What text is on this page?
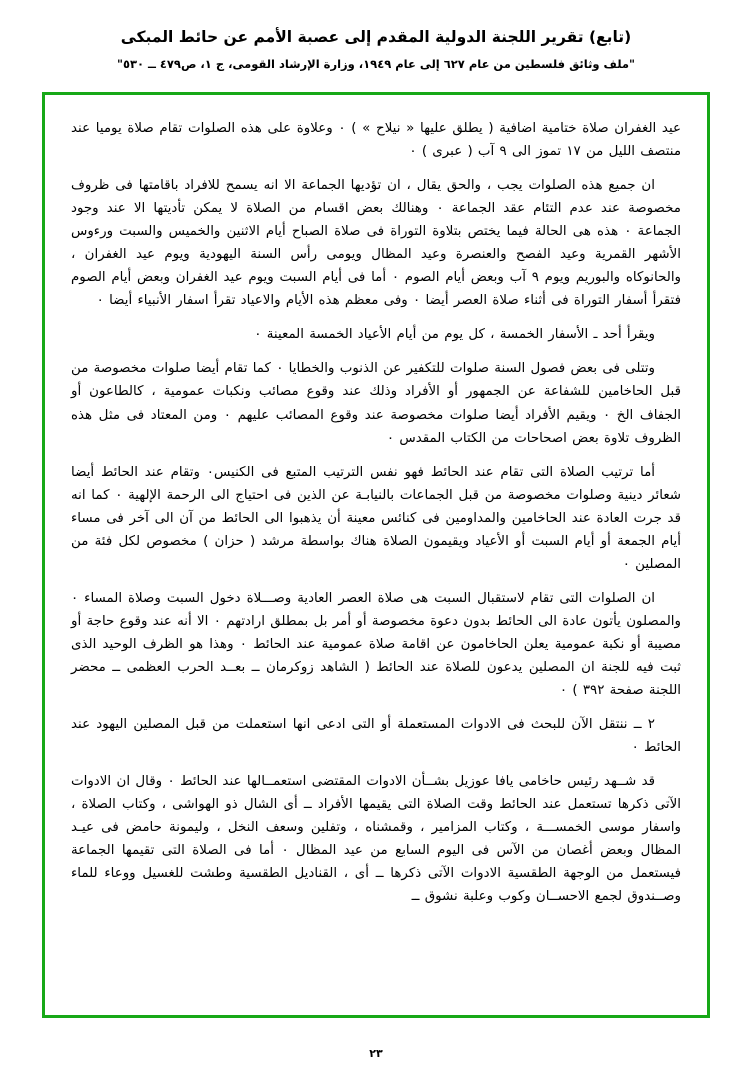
(تابع) تقرير اللجنة الدولية المقدم إلى عصبة الأمم عن حائط المبكى
"ملف وثائق فلسطين من عام ٦٢٧ إلى عام ١٩٤٩، وزارة الإرشاد القومى، ج ١، ص٤٧٩ ــ ٥٣٠"

عيد الغفران صلاة ختامية اضافية ( يطلق عليها « نيلاح » ) ٠ وعلاوة على هذه الصلوات تقام صلاة يوميا عند منتصف الليل من ١٧ تموز الى ٩ آب ( عبرى ) ٠

ان جميع هذه الصلوات يجب ، والحق يقال ، ان تؤديها الجماعة الا انه يسمح للافراد باقامتها فى ظروف مخصوصة عند عدم التئام عقد الجماعة ٠ وهنالك بعض اقسام من الصلاة لا يمكن تأديتها الا عند وجود الجماعة ٠ هذه هى الحالة فيما يختص بتلاوة التوراة فى صلاة الصباح أيام الاثنين والخميس والسبت ورءوس الأشهر القمرية وعيد الفصح والعنصرة وعيد المظال ويومى رأس السنة اليهودية ويوم عيد الغفران ، والحانوكاه والبوريم ويوم ٩ آب وبعض أيام الصوم ٠ أما فى أيام السبت ويوم عيد الغفران وبعض أيام الصوم فتقرأ أسفار التوراة فى أثناء صلاة العصر أيضا ٠ وفى معظم هذه الأيام والاعياد تقرأ اسفار الأنبياء أيضا ٠

ويقرأ أحد ـ الأسفار الخمسة ، كل يوم من أيام الأعياد الخمسة المعينة ٠

وتتلى فى بعض فصول السنة صلوات للتكفير عن الذنوب والخطايا ٠ كما تقام أيضا صلوات مخصوصة من قبل الحاخامين للشفاعة عن الجمهور أو الأفراد وذلك عند وقوع مصائب ونكبات عمومية ، كالطاعون أو الجفاف الخ ٠ ويقيم الأفراد أيضا صلوات مخصوصة عند وقوع المصائب عليهم ٠ ومن المعتاد فى مثل هذه الظروف تلاوة بعض اصحاحات من الكتاب المقدس ٠

أما ترتيب الصلاة التى تقام عند الحائط فهو نفس الترتيب المتبع فى الكنيس٠ وتقام عند الحائط أيضا شعائر دينية وصلوات مخصوصة من قبل الجماعات بالنيابـة عن الذين فى احتياج الى الرحمة الإلهية ٠ كما انه قد جرت العادة عند الحاخامين والمداومين فى كنائس معينة أن يذهبوا الى الحائط من آن الى آخر فى مساء أيام الجمعة أو أيام السبت أو الأعياد ويقيمون الصلاة هناك بواسطة مرشد ( حزان ) مخصوص لكل فئة من المصلين ٠

ان الصلوات التى تقام لاستقبال السبت هى صلاة العصر العادية وصـــلاة دخول السبت وصلاة المساء ٠ والمصلون يأتون عادة الى الحائط بدون دعوة مخصوصة أو أمر بل بمطلق ارادتهم ٠ الا أنه عند وقوع حاجة أو مصيبة أو نكبة عمومية يعلن الحاخامون عن اقامة صلاة عمومية عند الحائط ٠ وهذا هو الظرف الوحيد الذى ثبت فيه للجنة ان المصلين يدعون للصلاة عند الحائط ( الشاهد زوكرمان ــ بعــد الحرب العظمى ــ محضر اللجنة صفحة ٣٩٢ ) ٠

٢ ــ ننتقل الآن للبحث فى الادوات المستعملة أو التى ادعى انها استعملت من قبل المصلين اليهود عند الحائط ٠

قد شــهد رئيس حاخامى يافا عوزيل بشــأن الادوات المقتضى استعمــالها عند الحائط ٠ وقال ان الادوات الآتى ذكرها تستعمل عند الحائط وقت الصلاة التى يقيمها الأفراد ــ أى الشال ذو الهواشى ، وكتاب الصلاة ، واسفار موسى الخمســـة ، وكتاب المزامير ، وقمشناه ، وتفلين وسعف النخل ، وليمونة حامض فى عيـد المظال وبعض أغصان من الآس فى اليوم السابع من عيد المظال ٠ أما فى الصلاة التى تقيمها الجماعة فيستعمل من الوجهة الطقسية الادوات الآتى ذكرها ــ أى ، القناديل الطقسية وطشت للغسيل ووعاء للماء وصــندوق لجمع الاحســان وكوب وعلبة نشوق ــ

٢٣
